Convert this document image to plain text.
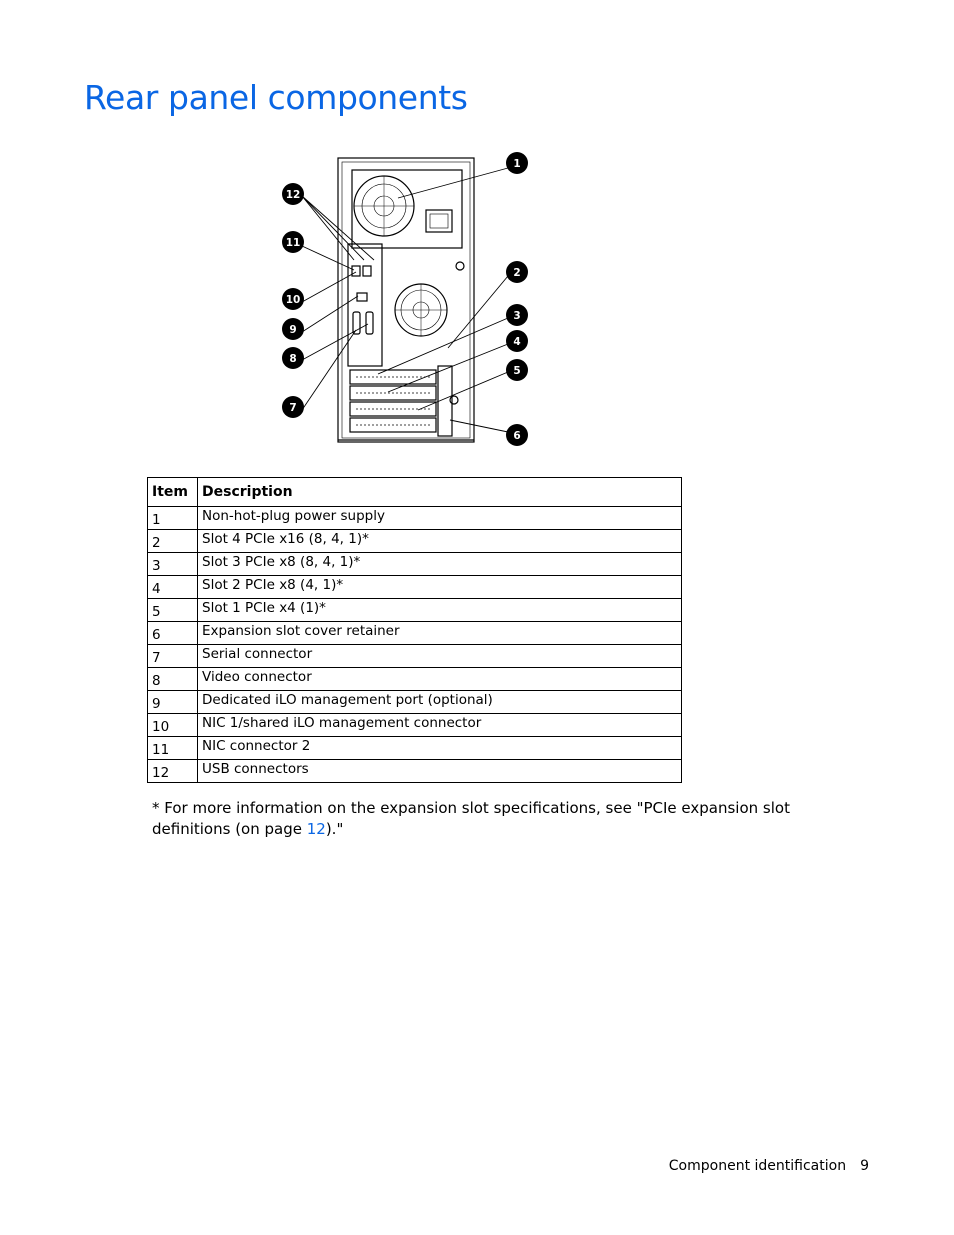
Rear panel components
1
2
3
4
5
6
7
8
9
10
11
12
Item	Description
1	Non-hot-plug power supply
2	Slot 4 PCIe x16 (8, 4, 1)*
3	Slot 3 PCIe x8 (8, 4, 1)*
4	Slot 2 PCIe x8 (4, 1)*
5	Slot 1 PCIe x4 (1)*
6	Expansion slot cover retainer
7	Serial connector
8	Video connector
9	Dedicated iLO management port (optional)
10	NIC 1/shared iLO management connector
11	NIC connector 2
12	USB connectors

* For more information on the expansion slot specifications, see "PCIe expansion slot definitions (on page 12)."

Component identification 9
